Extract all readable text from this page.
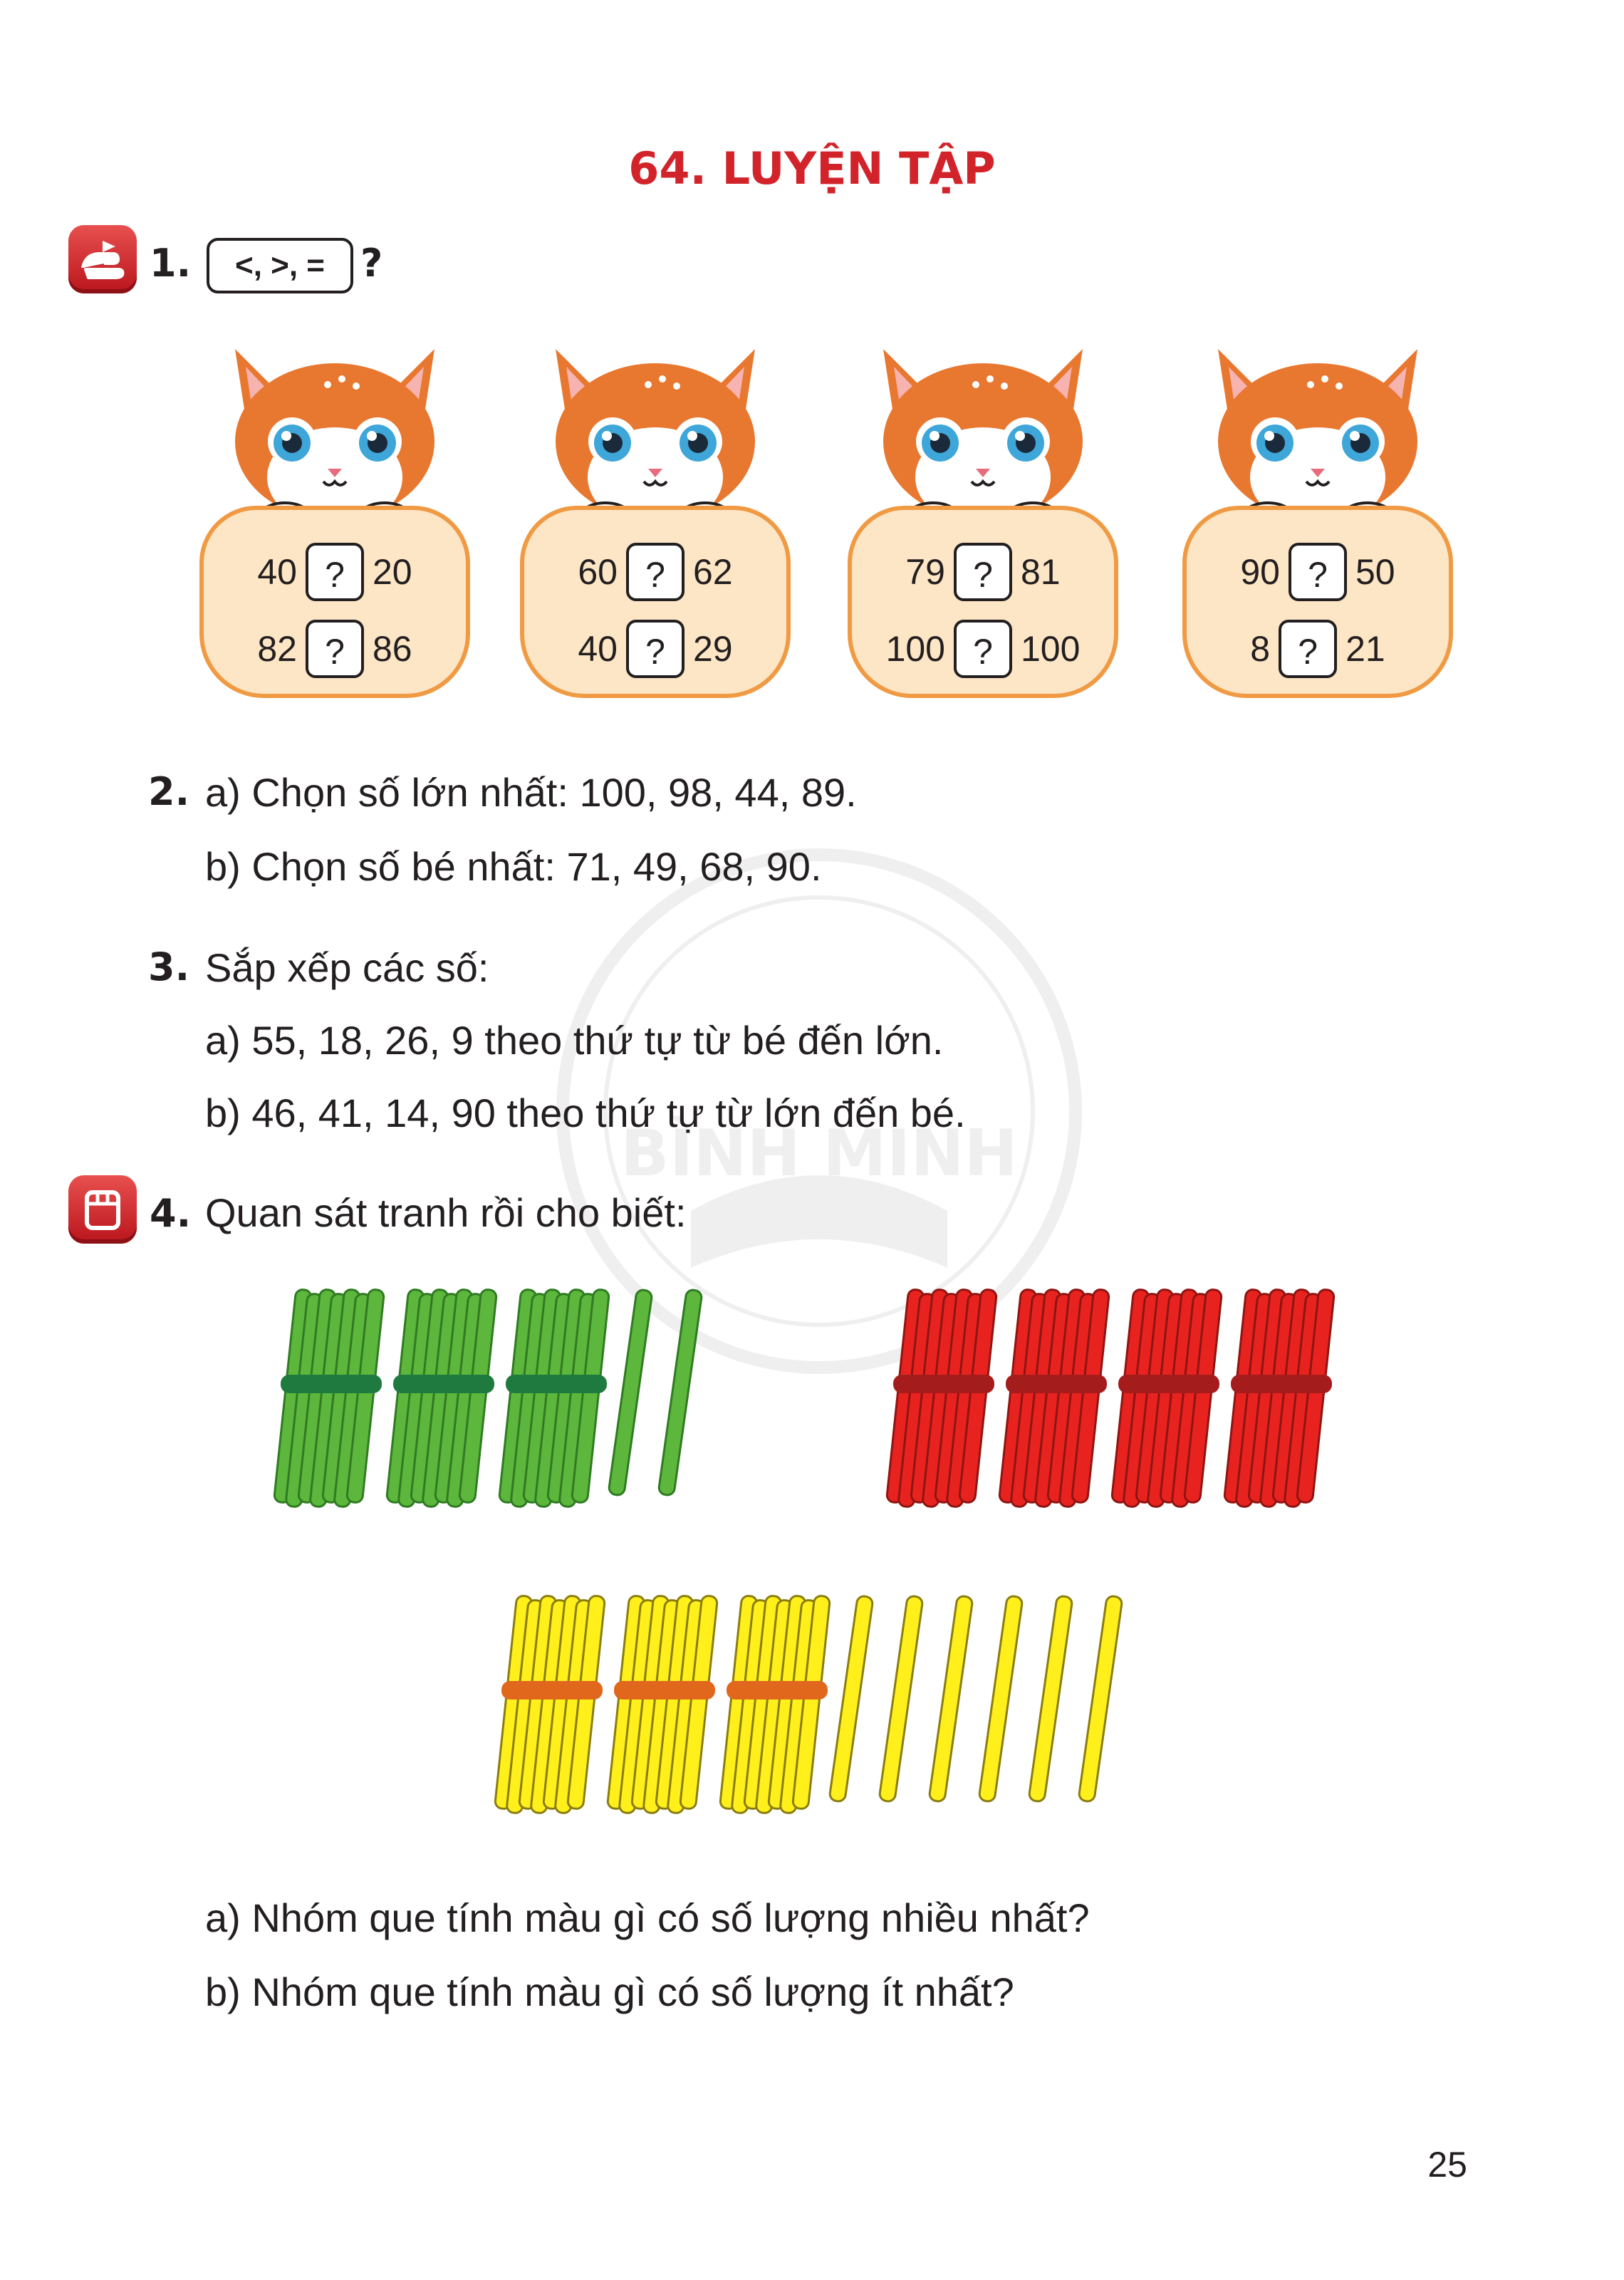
BÌNH MINH
64. LUYỆN TẬP
1.	<, >, = ?
40 ? 20
82 ? 86
60 ? 62
40 ? 29
79 ? 81
100 ? 100
90 ? 50
8 ? 21
2. a) Chọn số lớn nhất: 100, 98, 44, 89.
b) Chọn số bé nhất: 71, 49, 68, 90.
3. Sắp xếp các số:
a) 55, 18, 26, 9 theo thứ tự từ bé đến lớn.
b) 46, 41, 14, 90 theo thứ tự từ lớn đến bé.
4. Quan sát tranh rồi cho biết:
a) Nhóm que tính màu gì có số lượng nhiều nhất?
b) Nhóm que tính màu gì có số lượng ít nhất?
25
